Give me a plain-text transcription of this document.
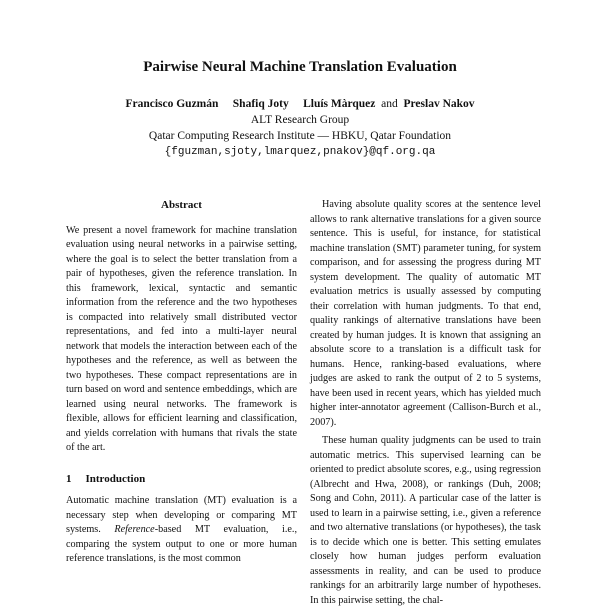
Pairwise Neural Machine Translation Evaluation
Francisco Guzmán Shafiq Joty Lluís Màrquez and Preslav Nakov
ALT Research Group
Qatar Computing Research Institute — HBKU, Qatar Foundation
{fguzman,sjoty,lmarquez,pnakov}@qf.org.qa
Abstract

We present a novel framework for machine translation evaluation using neural networks in a pairwise setting, where the goal is to select the better translation from a pair of hypotheses, given the reference translation. In this framework, lexical, syntactic and semantic information from the reference and the two hypotheses is compacted into relatively small distributed vector representations, and fed into a multi-layer neural network that models the interaction between each of the hypotheses and the reference, as well as between the two hypotheses. These compact representations are in turn based on word and sentence embeddings, which are learned using neural networks. The framework is flexible, allows for efficient learning and classification, and yields correlation with humans that rivals the state of the art.

1 Introduction

Automatic machine translation (MT) evaluation is a necessary step when developing or comparing MT systems. Reference-based MT evaluation, i.e., comparing the system output to one or more human reference translations, is the most common

Having absolute quality scores at the sentence level allows to rank alternative translations for a given source sentence. This is useful, for instance, for statistical machine translation (SMT) parameter tuning, for system comparison, and for assessing the progress during MT system development. The quality of automatic MT evaluation metrics is usually assessed by computing their correlation with human judgments. To that end, quality rankings of alternative translations have been created by human judges. It is known that assigning an absolute score to a translation is a difficult task for humans. Hence, ranking-based evaluations, where judges are asked to rank the output of 2 to 5 systems, have been used in recent years, which has yielded much higher inter-annotator agreement (Callison-Burch et al., 2007).

These human quality judgments can be used to train automatic metrics. This supervised learning can be oriented to predict absolute scores, e.g., using regression (Albrecht and Hwa, 2008), or rankings (Duh, 2008; Song and Cohn, 2011). A particular case of the latter is used to learn in a pairwise setting, i.e., given a reference and two alternative translations (or hypotheses), the task is to decide which one is better. This setting emulates closely how human judges perform evaluation assessments in reality, and can be used to produce rankings for an arbitrarily large number of hypotheses. In this pairwise setting, the chal-
